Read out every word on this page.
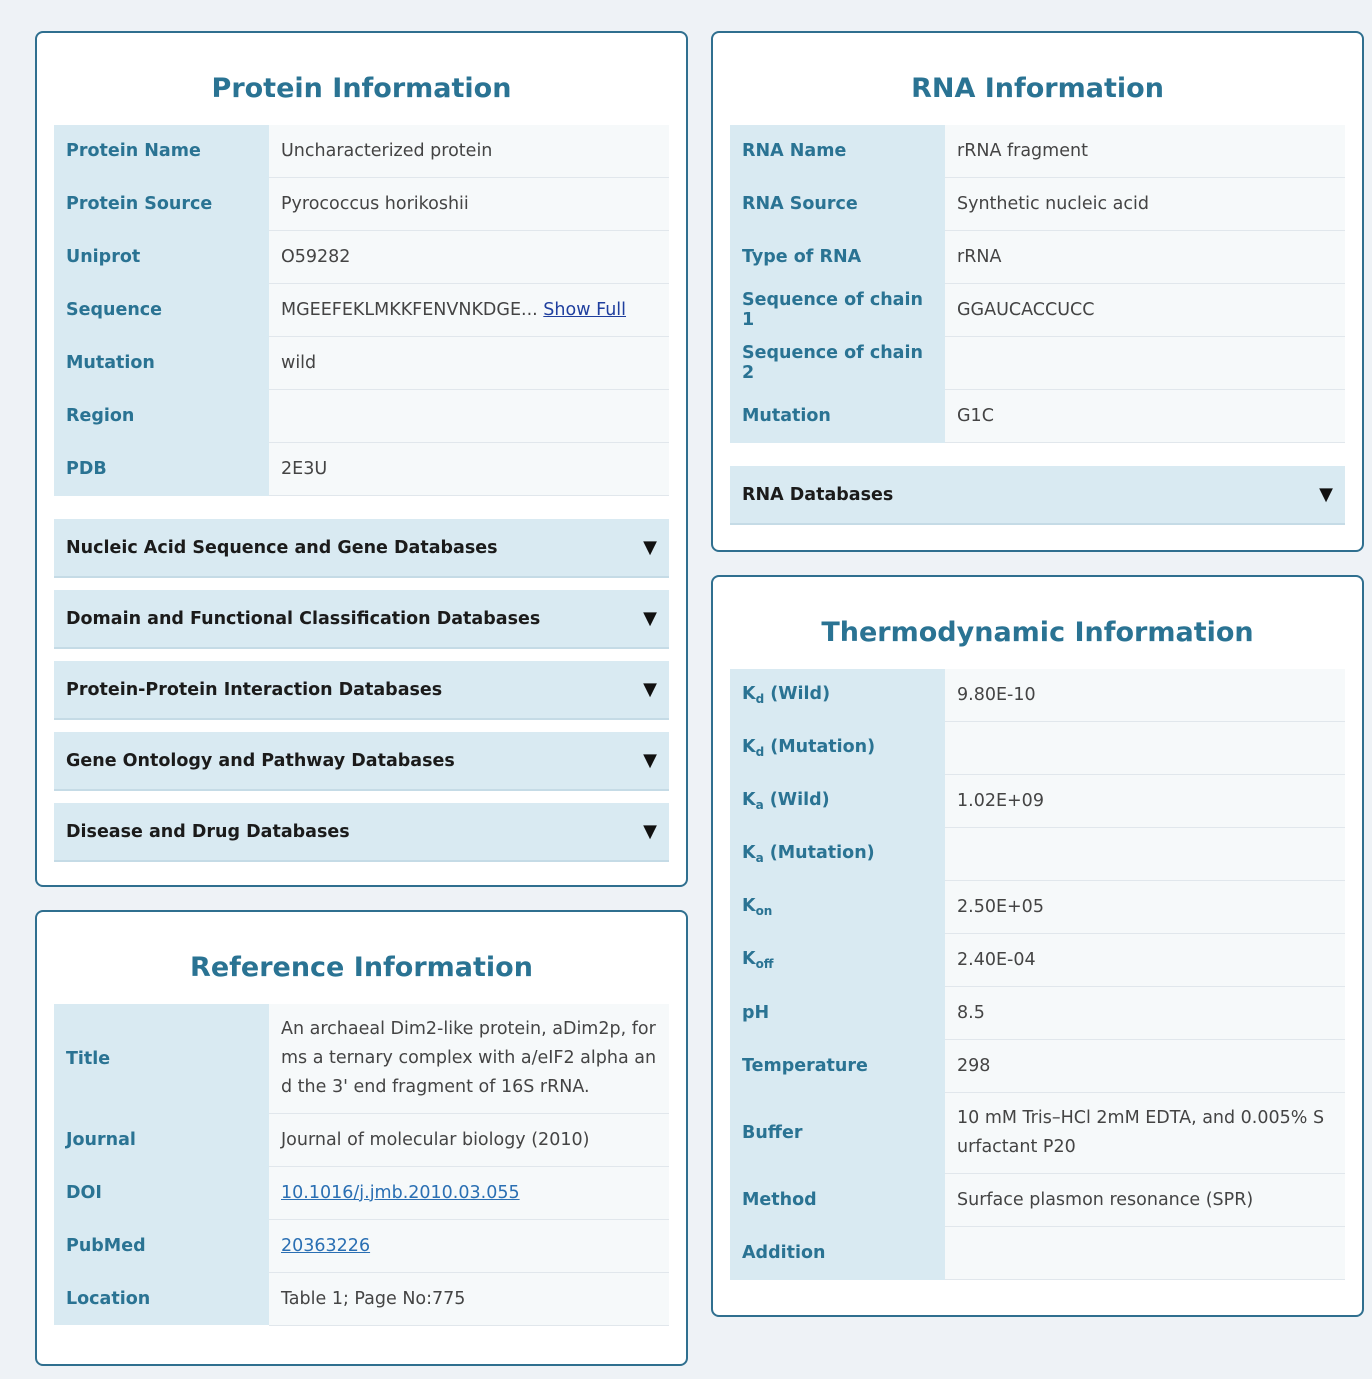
Protein Information
Protein Name	Uncharacterized protein
Protein Source	Pyrococcus horikoshii
Uniprot	O59282
Sequence	MGEEFEKLMKKFENVNKDGE... Show Full
Mutation	wild
Region	
PDB	2E3U
Nucleic Acid Sequence and Gene Databases	▼
Domain and Functional Classification Databases	▼
Protein-Protein Interaction Databases	▼
Gene Ontology and Pathway Databases	▼
Disease and Drug Databases	▼
Reference Information
Title	An archaeal Dim2-like protein, aDim2p, forms a ternary complex with a/eIF2 alpha and the 3' end fragment of 16S rRNA.
Journal	Journal of molecular biology (2010)
DOI	10.1016/j.jmb.2010.03.055
PubMed	20363226
Location	Table 1; Page No:775
RNA Information
RNA Name	rRNA fragment
RNA Source	Synthetic nucleic acid
Type of RNA	rRNA
Sequence of chain 1	GGAUCACCUCC
Sequence of chain 2	
Mutation	G1C
RNA Databases	▼
Thermodynamic Information
$K_d$ (Wild)	9.80E-10
$K_d$ (Mutation)	
$K_a$ (Wild)	1.02E+09
$K_a$ (Mutation)	
$K_{on}$	2.50E+05
$K_{off}$	2.40E-04
pH	8.5
Temperature	298
Buffer	10 mM Tris–HCl 2mM EDTA, and 0.005% Surfactant P20
Method	Surface plasmon resonance (SPR)
Addition	
